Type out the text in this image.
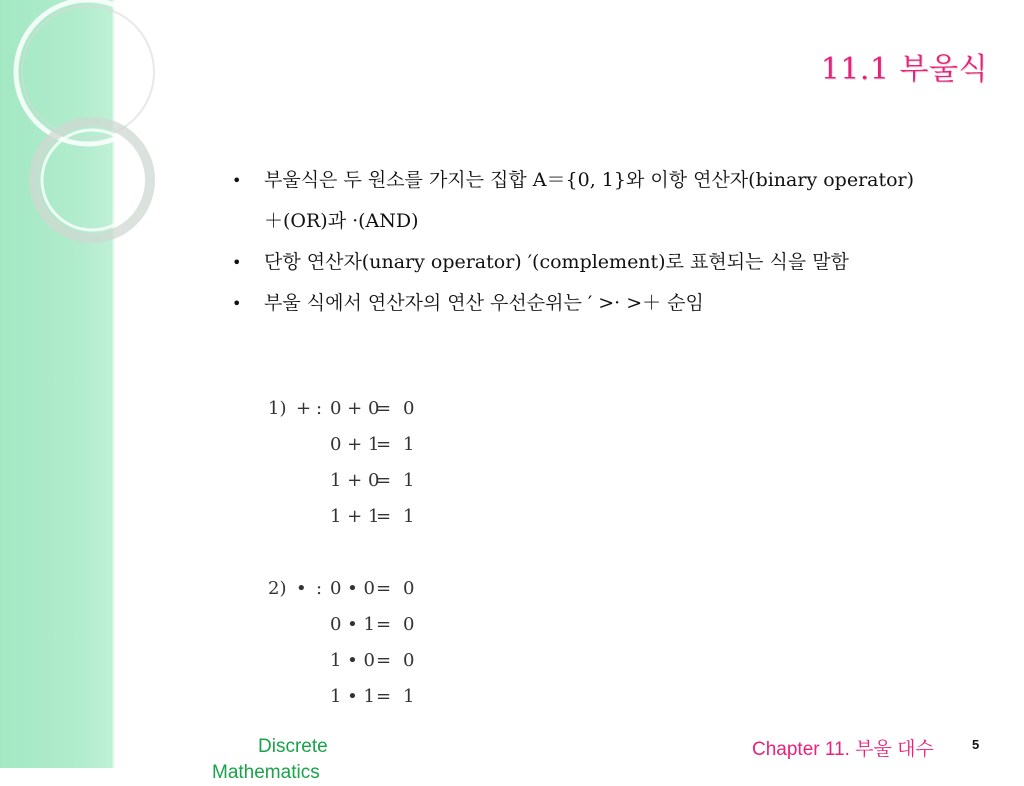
11.1 부울식
• 부울식은 두 원소를 가지는 집합 A＝{0, 1}와 이항 연산자(binary operator) ＋(OR)과 ·(AND)
• 단항 연산자(unary operator) ′(complement)로 표현되는 식을 말함
• 부울 식에서 연산자의 연산 우선순위는 ′ >· >＋ 순임
1) + : 0 + 0
= 0
0 + 1
= 1
1 + 0
= 1
1 + 1
= 1
2) • : 0 • 0 = 0
0 • 1 = 0
1 • 0 = 0
1 • 1 = 1
Discrete
Mathematics
Chapter 11. 부울 대수	5
